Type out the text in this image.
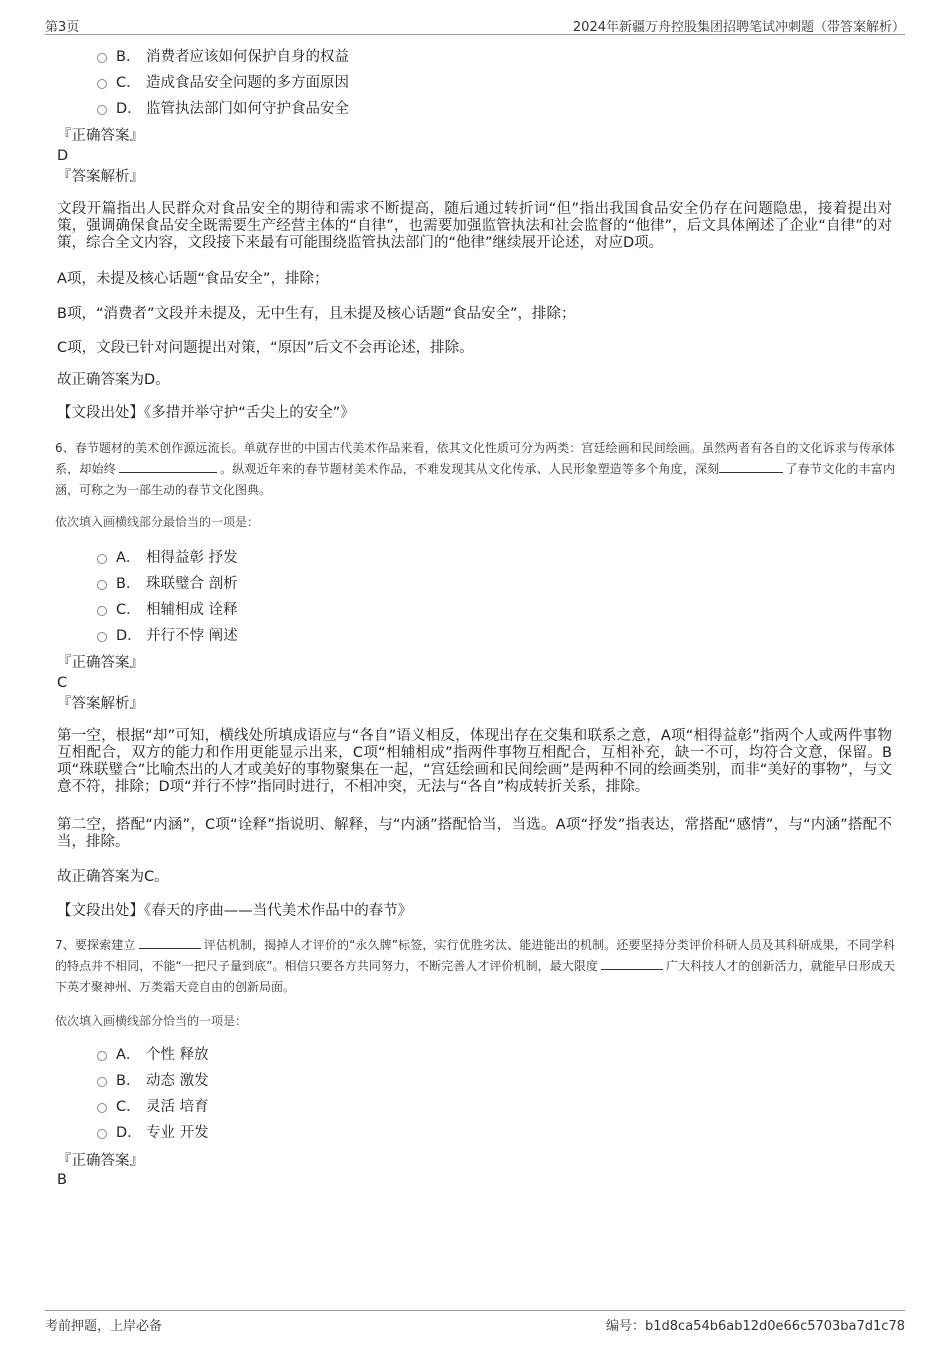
第3页	2024年新疆万舟控股集团招聘笔试冲刺题（带答案解析）
B． 消费者应该如何保护自身的权益
C． 造成食品安全问题的多方面原因
D． 监管执法部门如何守护食品安全
『正确答案』
D
『答案解析』
文段开篇指出人民群众对食品安全的期待和需求不断提高，随后通过转折词“但”指出我国食品安全仍存在问题隐患，接着提出对策，强调确保食品安全既需要生产经营主体的“自律”，也需要加强监管执法和社会监督的“他律”，后文具体阐述了企业“自律”的对策，综合全文内容，文段接下来最有可能围绕监管执法部门的“他律”继续展开论述，对应D项。
A项，未提及核心话题“食品安全”，排除；
B项，“消费者”文段并未提及，无中生有，且未提及核心话题“食品安全”，排除；
C项，文段已针对问题提出对策，“原因”后文不会再论述，排除。
故正确答案为D。
【文段出处】《多措并举守护“舌尖上的安全”》
6、春节题材的美术创作源远流长。单就存世的中国古代美术作品来看，依其文化性质可分为两类：宫廷绘画和民间绘画。虽然两者有各自的文化诉求与传承体系，却始终	。纵观近年来的春节题材美术作品，不难发现其从文化传承、人民形象塑造等多个角度，深刻	了春节文化的丰富内涵，可称之为一部生动的春节文化图典。
依次填入画横线部分最恰当的一项是：
A． 相得益彰 抒发
B． 珠联璧合 剖析
C． 相辅相成 诠释
D． 并行不悖 阐述
『正确答案』
C
『答案解析』
第一空，根据“却”可知，横线处所填成语应与“各自”语义相反，体现出存在交集和联系之意，A项“相得益彰”指两个人或两件事物互相配合，双方的能力和作用更能显示出来，C项“相辅相成”指两件事物互相配合，互相补充，缺一不可，均符合文意，保留。B项“珠联璧合”比喻杰出的人才或美好的事物聚集在一起，“宫廷绘画和民间绘画”是两种不同的绘画类别，而非“美好的事物”，与文意不符，排除；D项“并行不悖”指同时进行，不相冲突，无法与“各自”构成转折关系，排除。
第二空，搭配“内涵”，C项“诠释”指说明、解释，与“内涵”搭配恰当，当选。A项“抒发”指表达，常搭配“感情”，与“内涵”搭配不当，排除。
故正确答案为C。
【文段出处】《春天的序曲——当代美术作品中的春节》
7、要探索建立	评估机制，揭掉人才评价的“永久牌”标签，实行优胜劣汰、能进能出的机制。还要坚持分类评价科研人员及其科研成果，不同学科的特点并不相同，不能“一把尺子量到底”。相信只要各方共同努力，不断完善人才评价机制，最大限度	广大科技人才的创新活力，就能早日形成天下英才聚神州、万类霜天竞自由的创新局面。
依次填入画横线部分恰当的一项是：
A． 个性 释放
B． 动态 激发
C． 灵活 培育
D． 专业 开发
『正确答案』
B
考前押题，上岸必备	编号：b1d8ca54b6ab12d0e66c5703ba7d1c78
